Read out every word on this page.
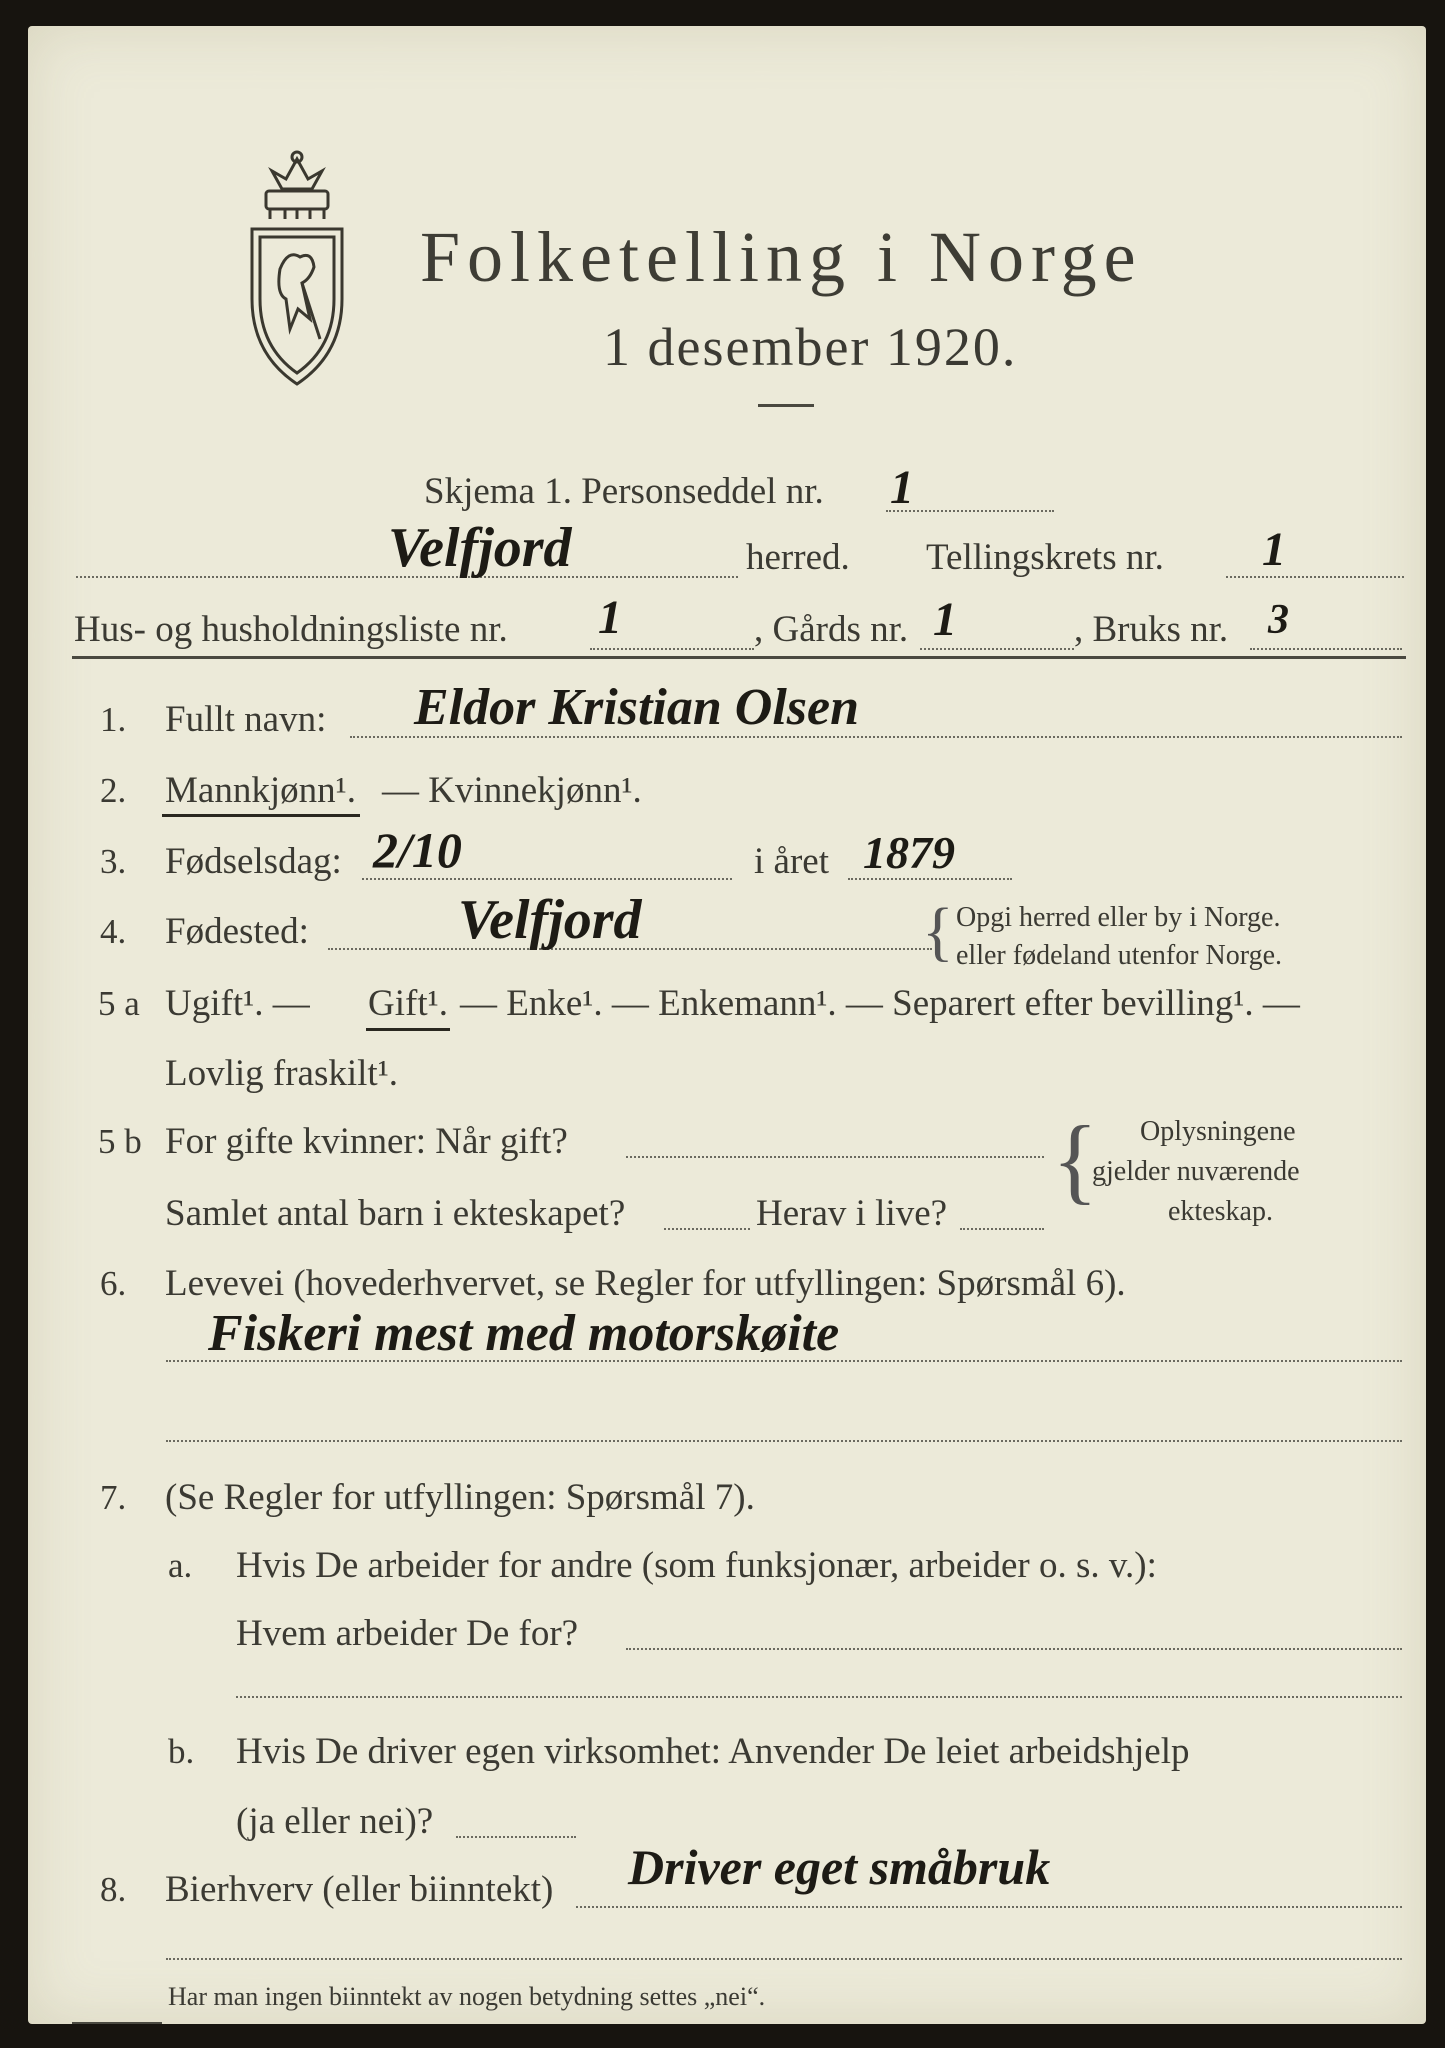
Folketelling i Norge
1 desember 1920.
Skjema 1. Personseddel nr. 1
Velfjord	herred. Tellingskrets nr. 1
Hus- og husholdningsliste nr. 1	, Gårds nr. 1	, Bruks nr. 3
1. Fullt navn: Eldor Kristian Olsen
2. Mannkjønn¹. — Kvinnekjønn¹.
3. Fødselsdag: 2/10	i året 1879
4. Fødested:	Velfjord	{ Opgi herred eller by i Norge.
eller fødeland utenfor Norge.
5 a Ugift¹. — Gift¹. — Enke¹. — Enkemann¹. — Separert efter bevilling¹. —
Lovlig fraskilt¹.
5 b For gifte kvinner: Når gift?
Samlet antal barn i ekteskapet?	Herav i live?
{ Oplysningene
gjelder nuværende
ekteskap.
6. Levevei (hovederhvervet, se Regler for utfyllingen: Spørsmål 6).
Fiskeri mest med motorskøite
7. (Se Regler for utfyllingen: Spørsmål 7).
a. Hvis De arbeider for andre (som funksjonær, arbeider o. s. v.):
Hvem arbeider De for?
b. Hvis De driver egen virksomhet: Anvender De leiet arbeidshjelp
(ja eller nei)?
8. Bierhverv (eller biinntekt) Driver eget småbruk
Har man ingen biinntekt av nogen betydning settes „nei“.
